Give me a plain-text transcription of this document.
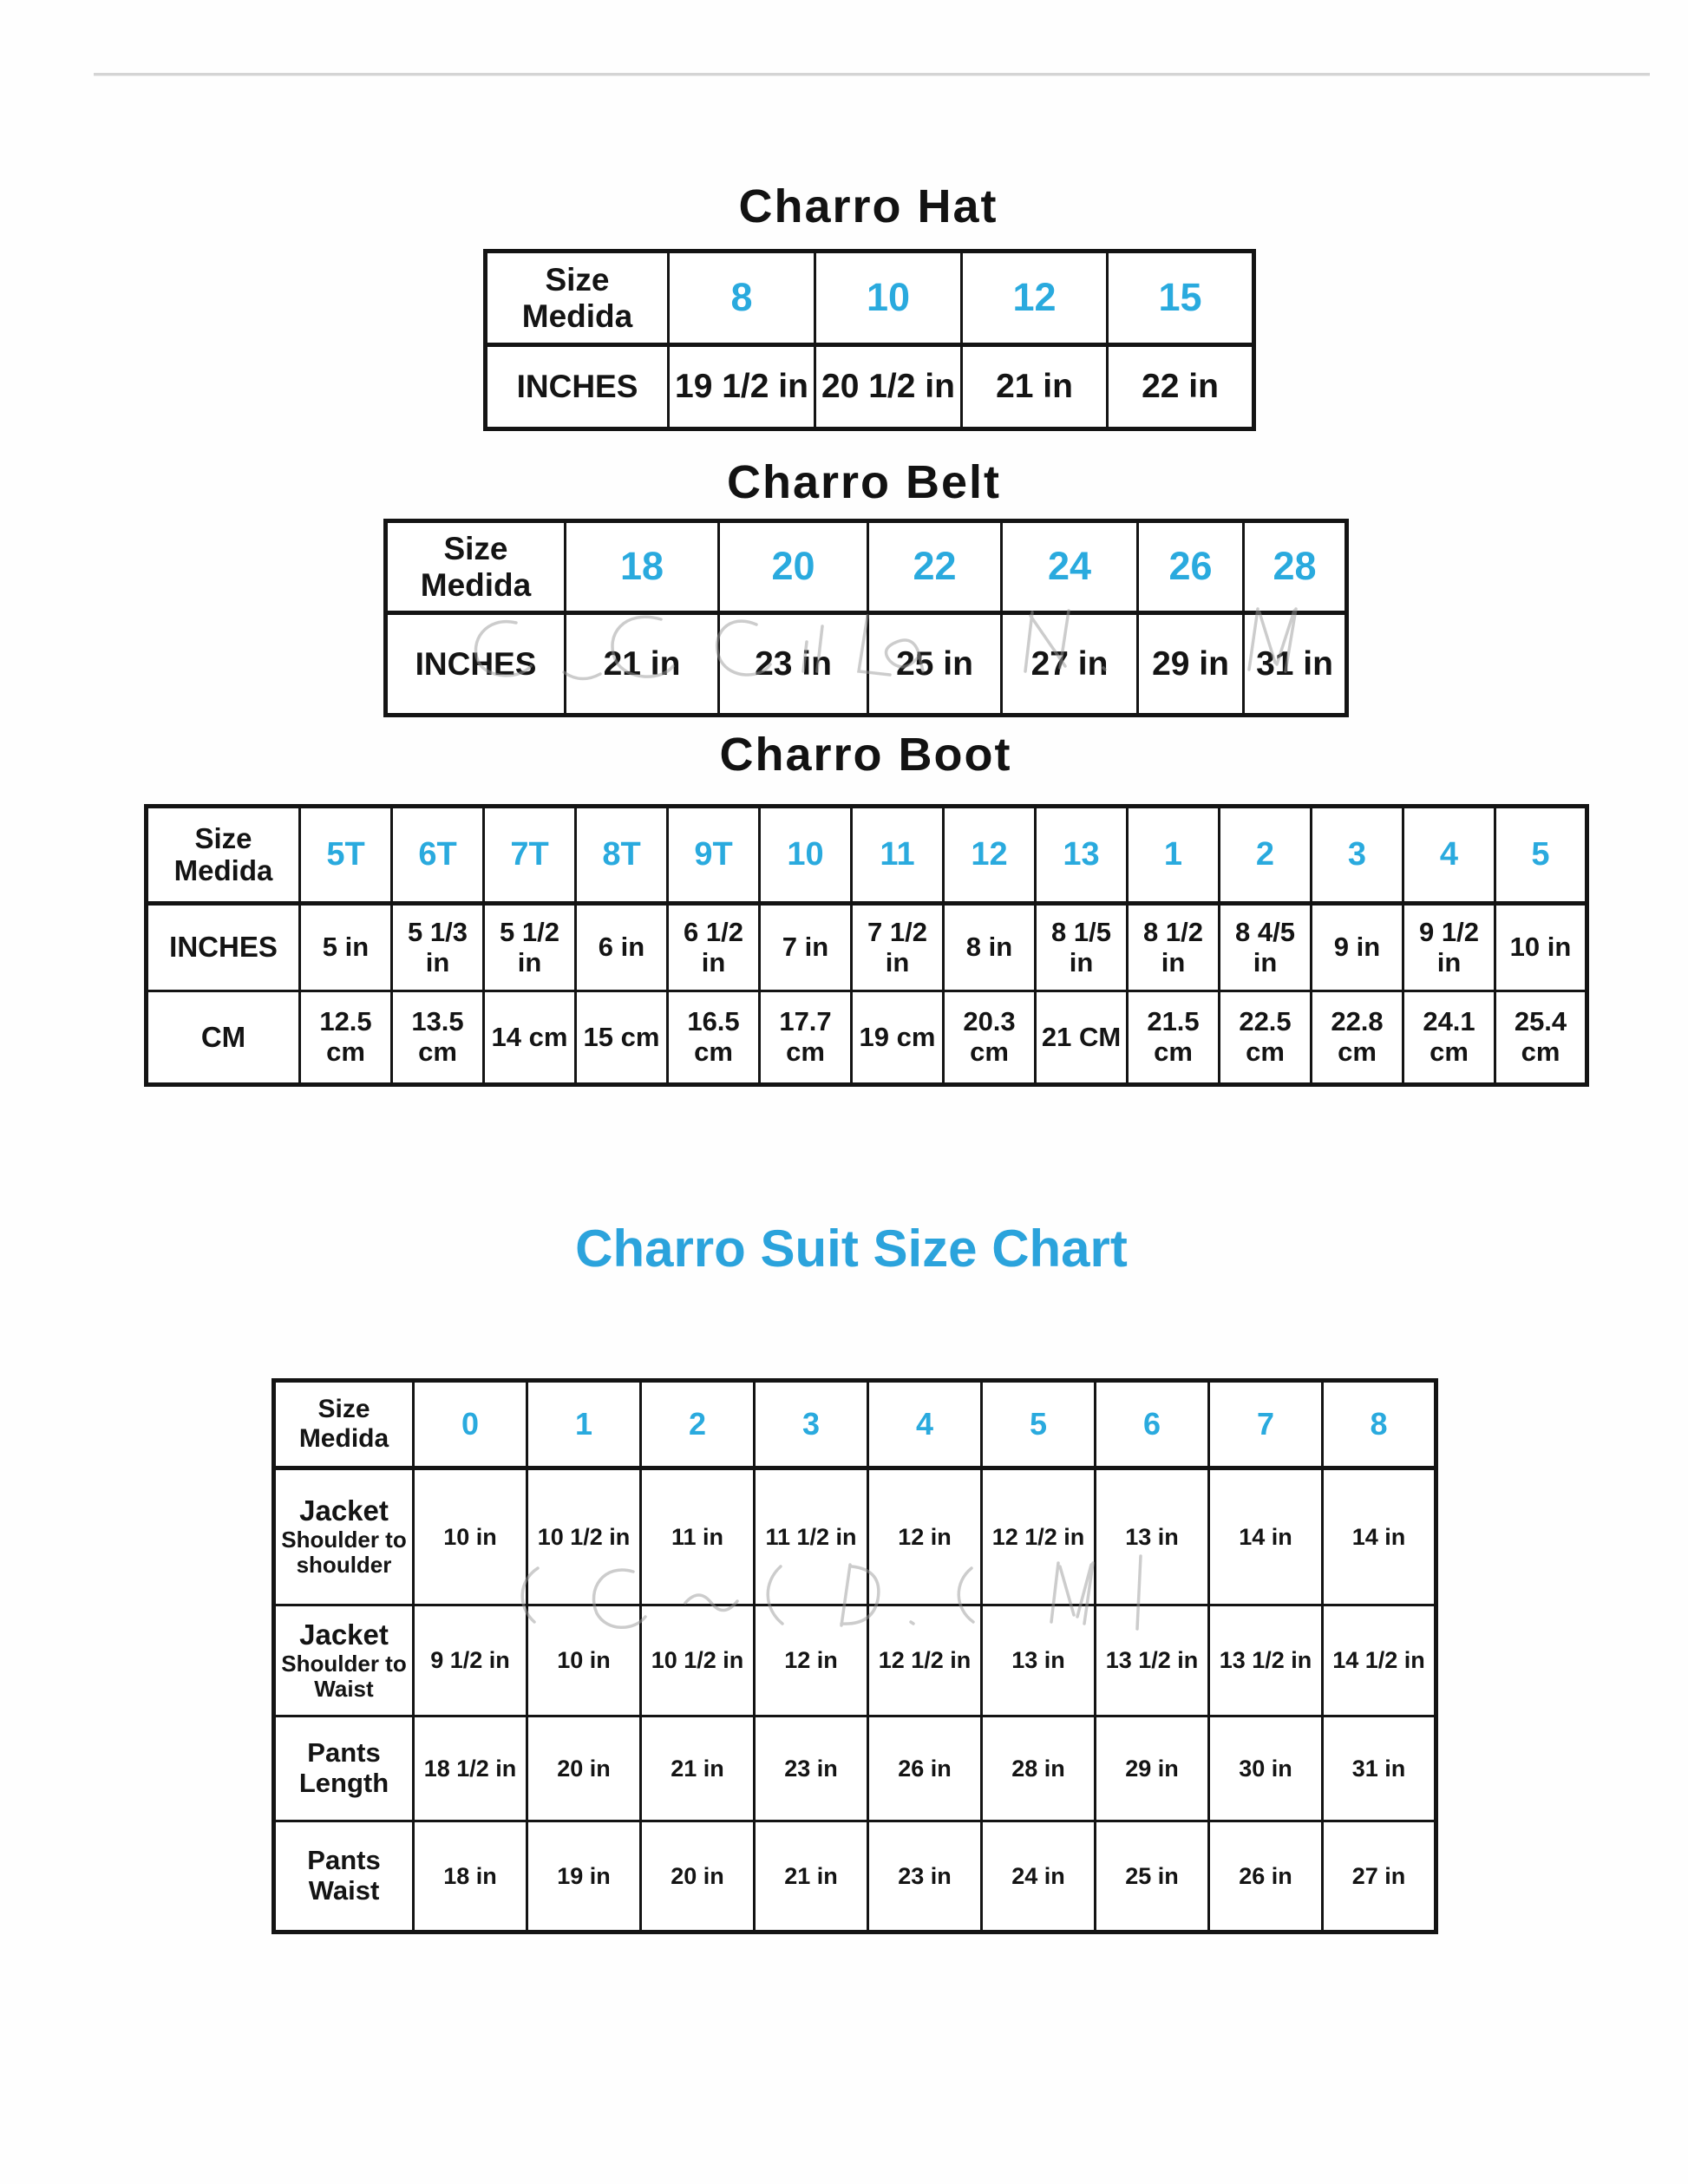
Charro Hat
Size Medida	8	10	12	15
INCHES	19 1/2 in	20 1/2 in	21 in	22 in
Charro Belt
Size Medida	18	20	22	24	26	28
INCHES	21 in	23 in	25 in	27 in	29 in	31 in
Charro Boot
Size Medida	5T	6T	7T	8T	9T	10	11	12	13	1	2	3	4	5
INCHES	5 in	5 1/3 in	5 1/2 in	6 in	6 1/2 in	7 in	7 1/2 in	8 in	8 1/5 in	8 1/2 in	8 4/5 in	9 in	9 1/2 in	10 in
CM	12.5 cm	13.5 cm	14 cm	15 cm	16.5 cm	17.7 cm	19 cm	20.3 cm	21 CM	21.5 cm	22.5 cm	22.8 cm	24.1 cm	25.4 cm
Charro Suit Size Chart
Size Medida	0	1	2	3	4	5	6	7	8

Jacket
Shoulder to shoulder	10 in	10 1/2 in	11 in	11 1/2 in	12 in	12 1/2 in	13 in	14 in	14 in

Jacket
Shoulder to Waist	9 1/2 in	10 in	10 1/2 in	12 in	12 1/2 in	13 in	13 1/2 in	13 1/2 in	14 1/2 in

Pants
Length	18 1/2 in	20 in	21 in	23 in	26 in	28 in	29 in	30 in	31 in

Pants
Waist	18 in	19 in	20 in	21 in	23 in	24 in	25 in	26 in	27 in
